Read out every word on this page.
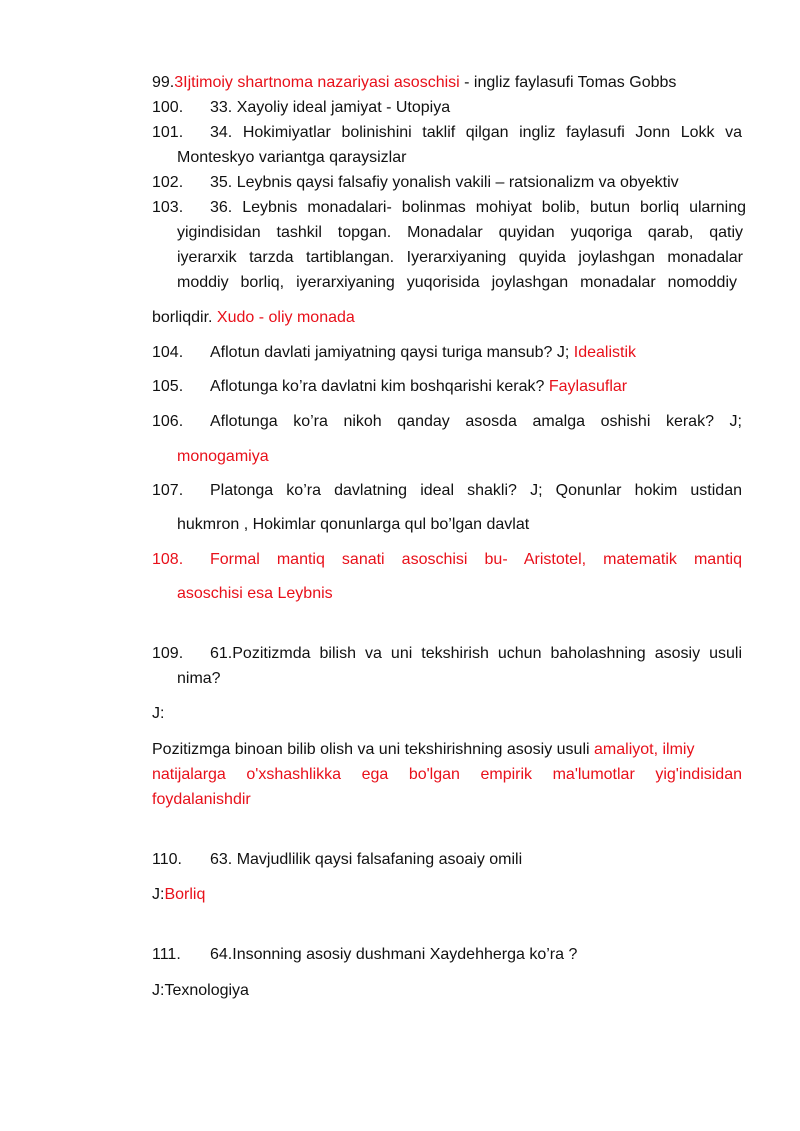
99.3Ijtimoiy shartnoma nazariyasi asoschisi - ingliz faylasufi Tomas Gobbs
100. 33. Xayoliy ideal jamiyat - Utopiya
101. 34. Hokimiyatlar bolinishini taklif qilgan ingliz faylasufi Jonn Lokk va
Monteskyo variantga qaraysizlar
102. 35. Leybnis qaysi falsafiy yonalish vakili – ratsionalizm va obyektiv
103. 36. Leybnis monadalari- bolinmas mohiyat bolib, butun borliq ularning
yigindisidan tashkil topgan. Monadalar quyidan yuqoriga qarab, qatiy
iyerarxik tarzda tartiblangan. Iyerarxiyaning quyida joylashgan monadalar
moddiy borliq, iyerarxiyaning yuqorisida joylashgan monadalar nomoddiy
borliqdir. Xudo - oliy monada
104. Aflotun davlati jamiyatning qaysi turiga mansub? J; Idealistik
105. Aflotunga ko’ra davlatni kim boshqarishi kerak? Faylasuflar
106. Aflotunga ko’ra nikoh qanday asosda amalga oshishi kerak? J;
monogamiya
107. Platonga ko’ra davlatning ideal shakli? J; Qonunlar hokim ustidan
hukmron , Hokimlar qonunlarga qul bo’lgan davlat
108. Formal mantiq sanati asoschisi bu- Aristotel, matematik mantiq
asoschisi esa Leybnis
109. 61.Pozitizmda bilish va uni tekshirish uchun baholashning asosiy usuli
nima?
J:
Pozitizmga binoan bilib olish va uni tekshirishning asosiy usuli amaliyot, ilmiy
natijalarga o'xshashlikka ega bo'lgan empirik ma'lumotlar yig'indisidan
foydalanishdir
110. 63. Mavjudlilik qaysi falsafaning asoaiy omili
J:Borliq
111. 64.Insonning asosiy dushmani Xaydehherga ko’ra ?
J:Texnologiya
